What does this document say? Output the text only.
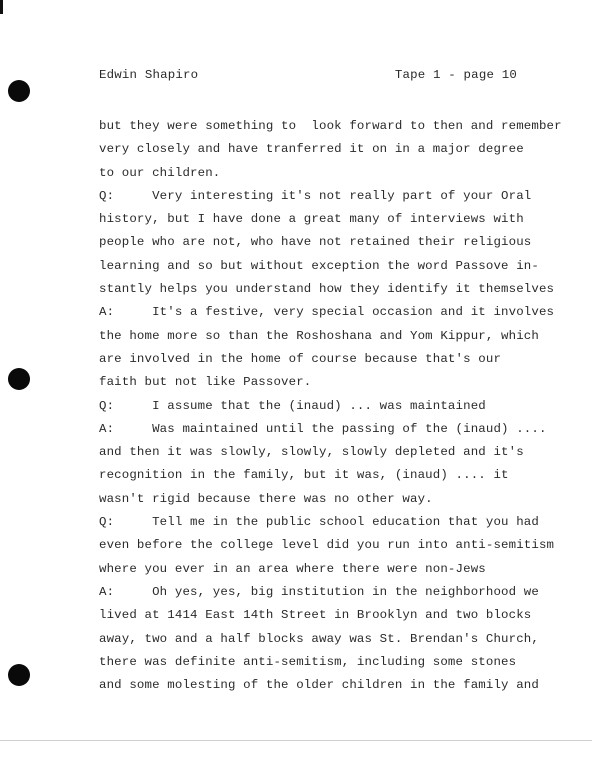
Edwin Shapiro	Tape 1 - page 10
but they were something to  look forward to then and remember
very closely and have tranferred it on in a major degree
to our children.
Q:     Very interesting it's not really part of your Oral
history, but I have done a great many of interviews with
people who are not, who have not retained their religious
learning and so but without exception the word Passove in-
stantly helps you understand how they identify it themselves
A:     It's a festive, very special occasion and it involves
the home more so than the Roshoshana and Yom Kippur, which
are involved in the home of course because that's our
faith but not like Passover.
Q:     I assume that the (inaud) ... was maintained
A:     Was maintained until the passing of the (inaud) ....
and then it was slowly, slowly, slowly depleted and it's
recognition in the family, but it was, (inaud) .... it
wasn't rigid because there was no other way.
Q:     Tell me in the public school education that you had
even before the college level did you run into anti-semitism
where you ever in an area where there were non-Jews
A:     Oh yes, yes, big institution in the neighborhood we
lived at 1414 East 14th Street in Brooklyn and two blocks
away, two and a half blocks away was St. Brendan's Church,
there was definite anti-semitism, including some stones
and some molesting of the older children in the family and
